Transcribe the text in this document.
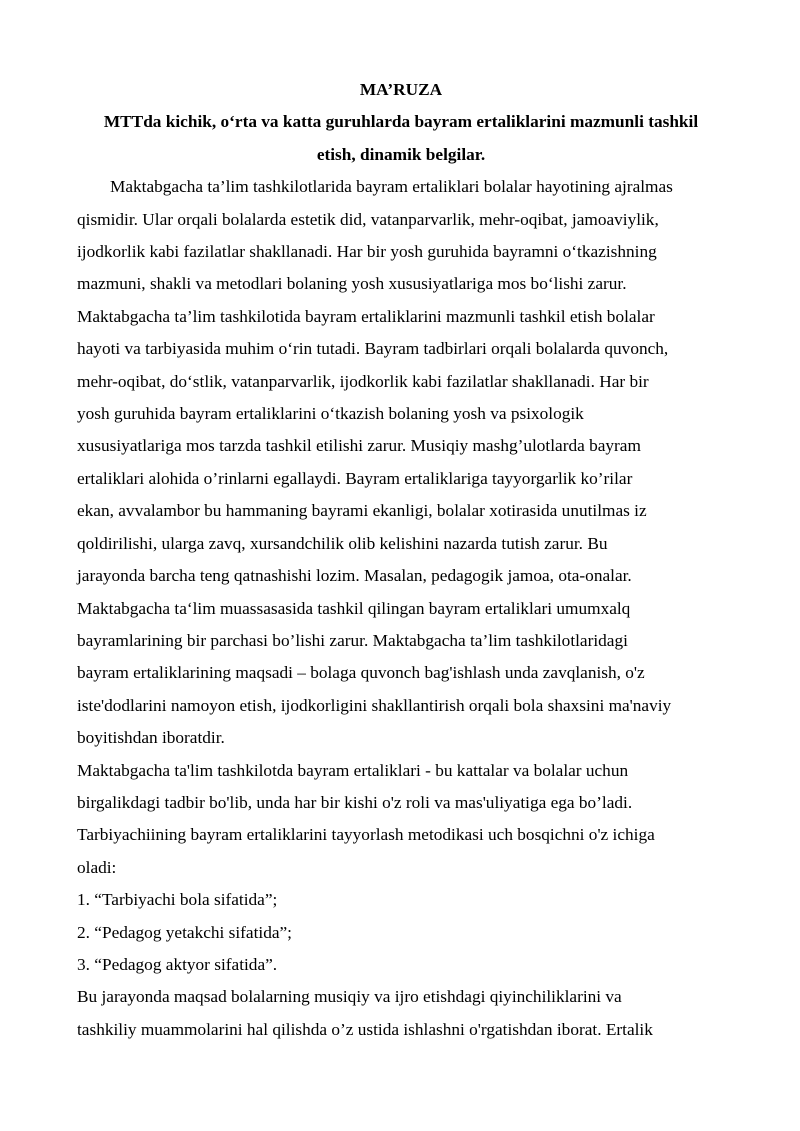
MA’RUZA

MTTda kichik, o‘rta va katta guruhlarda bayram ertaliklarini mazmunli tashkil
etish, dinamik belgilar.

Maktabgacha ta’lim tashkilotlarida bayram ertaliklari bolalar hayotining ajralmas
qismidir. Ular orqali bolalarda estetik did, vatanparvarlik, mehr-oqibat, jamoaviylik,
ijodkorlik kabi fazilatlar shakllanadi. Har bir yosh guruhida bayramni o‘tkazishning
mazmuni, shakli va metodlari bolaning yosh xususiyatlariga mos bo‘lishi zarur.
Maktabgacha ta’lim tashkilotida bayram ertaliklarini mazmunli tashkil etish bolalar
hayoti va tarbiyasida muhim o‘rin tutadi. Bayram tadbirlari orqali bolalarda quvonch,
mehr-oqibat, do‘stlik, vatanparvarlik, ijodkorlik kabi fazilatlar shakllanadi. Har bir
yosh guruhida bayram ertaliklarini o‘tkazish bolaning yosh va psixologik
xususiyatlariga mos tarzda tashkil etilishi zarur. Musiqiy mashg’ulotlarda bayram
ertaliklari alohida o’rinlarni egallaydi. Bayram ertaliklariga tayyorgarlik ko’rilar
ekan, avvalambor bu hammaning bayrami ekanligi, bolalar xotirasida unutilmas iz
qoldirilishi, ularga zavq, xursandchilik olib kelishini nazarda tutish zarur. Bu
jarayonda barcha teng qatnashishi lozim. Masalan, pedagogik jamoa, ota-onalar.
Maktabgacha ta‘lim muassasasida tashkil qilingan bayram ertaliklari umumxalq
bayramlarining bir parchasi bo’lishi zarur. Maktabgacha ta’lim tashkilotlaridagi
bayram ertaliklarining maqsadi – bolaga quvonch bag'ishlash unda zavqlanish, o'z
iste'dodlarini namoyon etish, ijodkorligini shakllantirish orqali bola shaxsini ma'naviy
boyitishdan iboratdir.

Maktabgacha ta'lim tashkilotda bayram ertaliklari - bu kattalar va bolalar uchun
birgalikdagi tadbir bo'lib, unda har bir kishi o'z roli va mas'uliyatiga ega bo’ladi.
Tarbiyachiining bayram ertaliklarini tayyorlash metodikasi uch bosqichni o'z ichiga
oladi:

1. “Tarbiyachi bola sifatida”;
2. “Pedagog yetakchi sifatida”;
3. “Pedagog aktyor sifatida”.

Bu jarayonda maqsad bolalarning musiqiy va ijro etishdagi qiyinchiliklarini va
tashkiliy muammolarini hal qilishda o’z ustida ishlashni o'rgatishdan iborat. Ertalik
